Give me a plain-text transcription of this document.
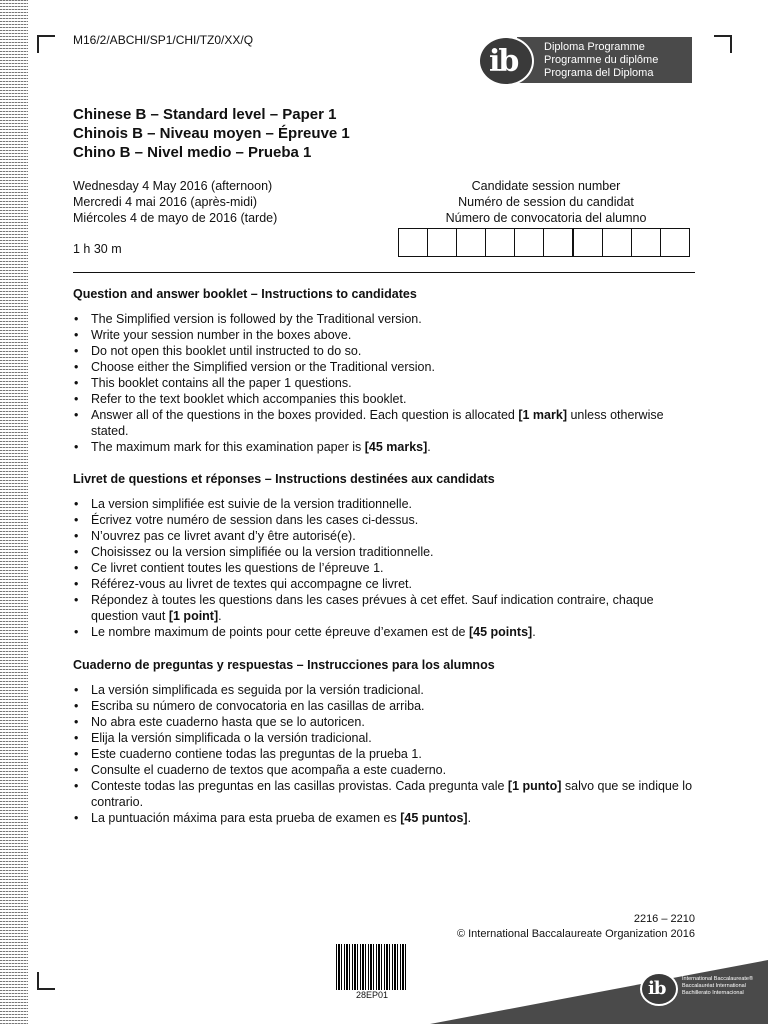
M16/2/ABCHI/SP1/CHI/TZ0/XX/Q
ib Diploma Programme
Programme du diplôme
Programa del Diploma
Chinese B – Standard level – Paper 1
Chinois B – Niveau moyen – Épreuve 1
Chino B – Nivel medio – Prueba 1
Wednesday 4 May 2016 (afternoon)
Mercredi 4 mai 2016 (après-midi)
Miércoles 4 de mayo de 2016 (tarde)
1 h 30 m
Candidate session number
Numéro de session du candidat
Número de convocatoria del alumno
Question and answer booklet – Instructions to candidates
• The Simplified version is followed by the Traditional version.
• Write your session number in the boxes above.
• Do not open this booklet until instructed to do so.
• Choose either the Simplified version or the Traditional version.
• This booklet contains all the paper 1 questions.
• Refer to the text booklet which accompanies this booklet.
• Answer all of the questions in the boxes provided. Each question is allocated [1 mark] unless otherwise stated.
• The maximum mark for this examination paper is [45 marks].
Livret de questions et réponses – Instructions destinées aux candidats
• La version simplifiée est suivie de la version traditionnelle.
• Écrivez votre numéro de session dans les cases ci-dessus.
• N’ouvrez pas ce livret avant d’y être autorisé(e).
• Choisissez ou la version simplifiée ou la version traditionnelle.
• Ce livret contient toutes les questions de l’épreuve 1.
• Référez-vous au livret de textes qui accompagne ce livret.
• Répondez à toutes les questions dans les cases prévues à cet effet. Sauf indication contraire, chaque question vaut [1 point].
• Le nombre maximum de points pour cette épreuve d’examen est de [45 points].
Cuaderno de preguntas y respuestas – Instrucciones para los alumnos
• La versión simplificada es seguida por la versión tradicional.
• Escriba su número de convocatoria en las casillas de arriba.
• No abra este cuaderno hasta que se lo autoricen.
• Elija la versión simplificada o la versión tradicional.
• Este cuaderno contiene todas las preguntas de la prueba 1.
• Consulte el cuaderno de textos que acompaña a este cuaderno.
• Conteste todas las preguntas en las casillas provistas. Cada pregunta vale [1 punto] salvo que se indique lo contrario.
• La puntuación máxima para esta prueba de examen es [45 puntos].
2216 – 2210
© International Baccalaureate Organization 2016
28EP01	ib	International Baccalaureate®
Baccalauréat International
Bachillerato Internacional
